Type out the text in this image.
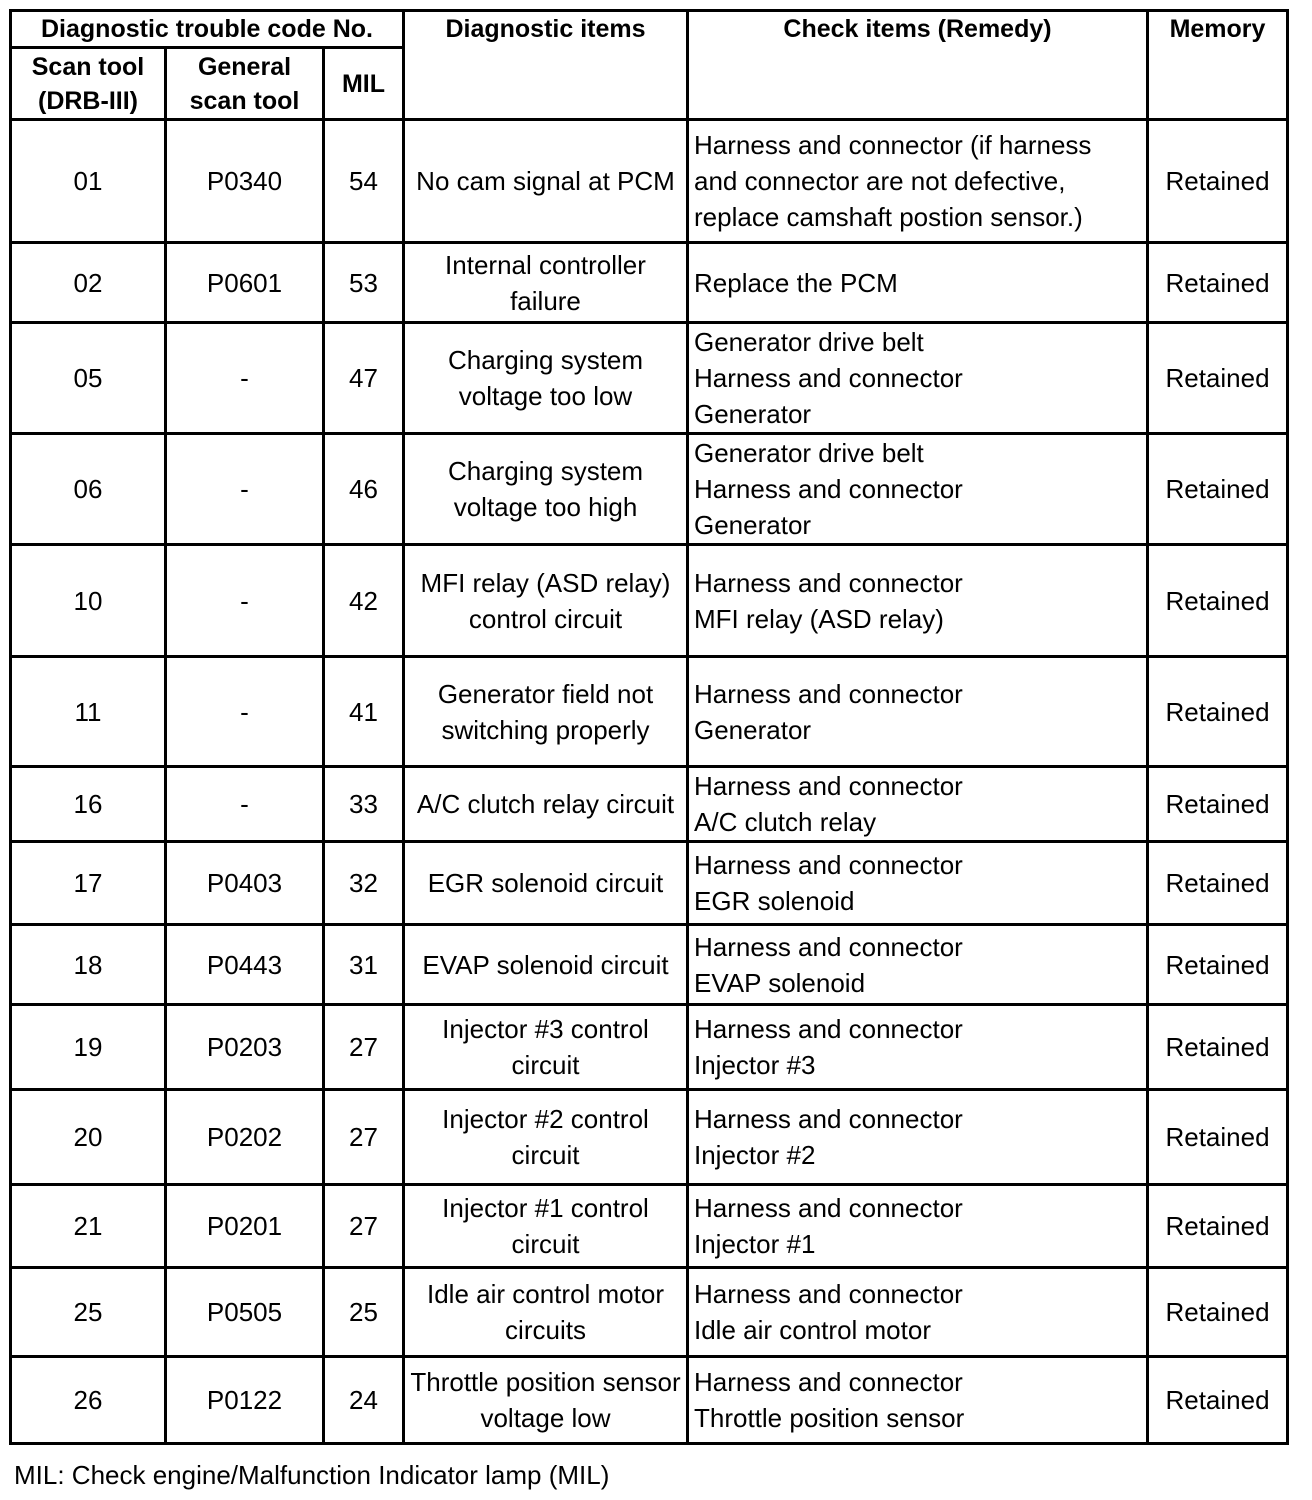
Diagnostic trouble code No.			Diagnostic items	Check items (Remedy)	Memory
Scan tool (DRB-III)	General scan tool	MIL			
01	P0340	54	No cam signal at PCM	Harness and connector (if harness
and connector are not defective,
replace camshaft postion sensor.)	Retained
02	P0601	53	Internal controller failure	Replace the PCM	Retained
05	-	47	Charging system voltage too low	Generator drive belt
Harness and connector
Generator	Retained
06	-	46	Charging system voltage too high	Generator drive belt
Harness and connector
Generator	Retained
10	-	42	MFI relay (ASD relay) control circuit	Harness and connector
MFI relay (ASD relay)	Retained
11	-	41	Generator field not switching properly	Harness and connector
Generator	Retained
16	-	33	A/C clutch relay circuit	Harness and connector
A/C clutch relay	Retained
17	P0403	32	EGR solenoid circuit	Harness and connector
EGR solenoid	Retained
18	P0443	31	EVAP solenoid circuit	Harness and connector
EVAP solenoid	Retained
19	P0203	27	Injector #3 control circuit	Harness and connector
Injector #3	Retained
20	P0202	27	Injector #2 control circuit	Harness and connector
Injector #2	Retained
21	P0201	27	Injector #1 control circuit	Harness and connector
Injector #1	Retained
25	P0505	25	Idle air control motor circuits	Harness and connector
Idle air control motor	Retained
26	P0122	24	Throttle position sensor voltage low	Harness and connector
Throttle position sensor	Retained
MIL: Check engine/Malfunction Indicator lamp (MIL)
